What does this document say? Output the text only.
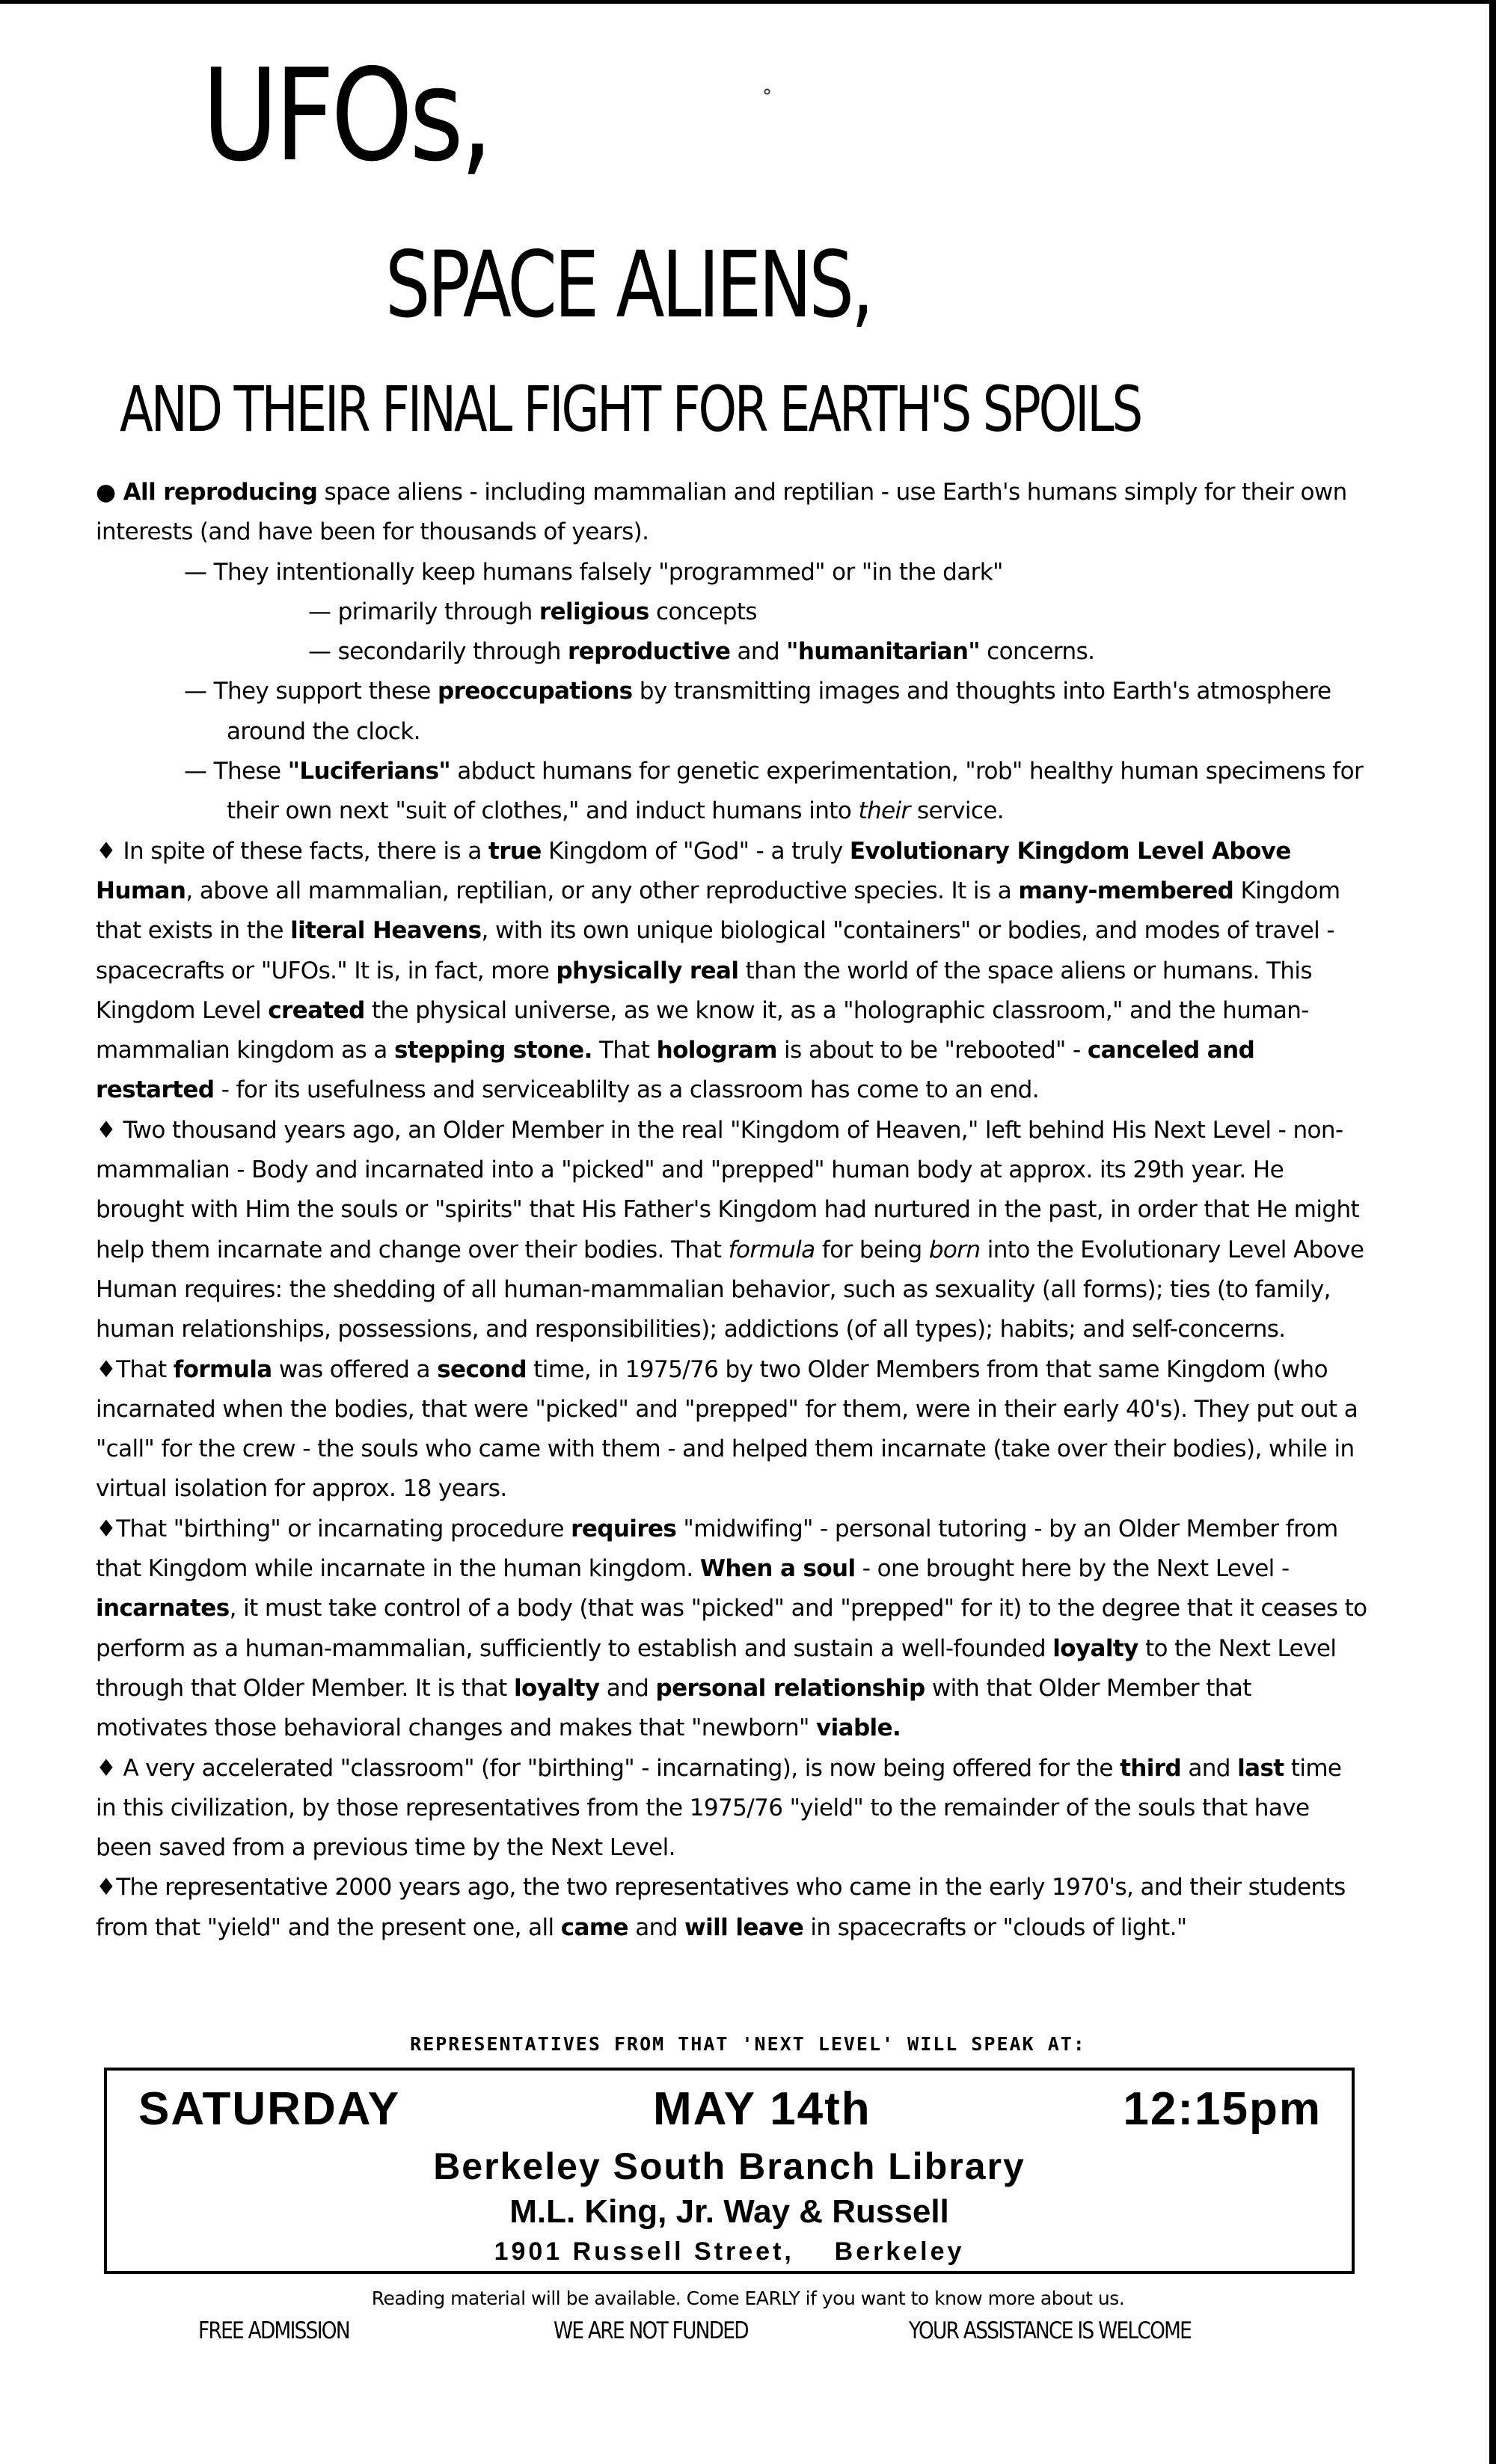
UFOs,	˚
SPACE ALIENS,
AND THEIR FINAL FIGHT FOR EARTH'S SPOILS

● All reproducing space aliens - including mammalian and reptilian - use Earth's humans simply for their own interests (and have been for thousands of years).

— They intentionally keep humans falsely "programmed" or "in the dark"

— primarily through religious concepts

— secondarily through reproductive and "humanitarian" concerns.

— They support these preoccupations by transmitting images and thoughts into Earth's atmosphere around the clock.

— These "Luciferians" abduct humans for genetic experimentation, "rob" healthy human specimens for their own next "suit of clothes," and induct humans into their service.

♦ In spite of these facts, there is a true Kingdom of "God" - a truly Evolutionary Kingdom Level Above Human, above all mammalian, reptilian, or any other reproductive species. It is a many-membered Kingdom that exists in the literal Heavens, with its own unique biological "containers" or bodies, and modes of travel - spacecrafts or "UFOs." It is, in fact, more physically real than the world of the space aliens or humans. This Kingdom Level created the physical universe, as we know it, as a "holographic classroom," and the human-mammalian kingdom as a stepping stone. That hologram is about to be "rebooted" - canceled and restarted - for its usefulness and serviceablilty as a classroom has come to an end.

♦ Two thousand years ago, an Older Member in the real "Kingdom of Heaven," left behind His Next Level - non-mammalian - Body and incarnated into a "picked" and "prepped" human body at approx. its 29th year. He brought with Him the souls or "spirits" that His Father's Kingdom had nurtured in the past, in order that He might help them incarnate and change over their bodies. That formula for being born into the Evolutionary Level Above Human requires: the shedding of all human-mammalian behavior, such as sexuality (all forms); ties (to family, human relationships, possessions, and responsibilities); addictions (of all types); habits; and self-concerns.

♦That formula was offered a second time, in 1975/76 by two Older Members from that same Kingdom (who incarnated when the bodies, that were "picked" and "prepped" for them, were in their early 40's). They put out a "call" for the crew - the souls who came with them - and helped them incarnate (take over their bodies), while in virtual isolation for approx. 18 years.

♦That "birthing" or incarnating procedure requires "midwifing" - personal tutoring - by an Older Member from that Kingdom while incarnate in the human kingdom. When a soul - one brought here by the Next Level - incarnates, it must take control of a body (that was "picked" and "prepped" for it) to the degree that it ceases to perform as a human-mammalian, sufficiently to establish and sustain a well-founded loyalty to the Next Level through that Older Member. It is that loyalty and personal relationship with that Older Member that motivates those behavioral changes and makes that "newborn" viable.

♦ A very accelerated "classroom" (for "birthing" - incarnating), is now being offered for the third and last time in this civilization, by those representatives from the 1975/76 "yield" to the remainder of the souls that have been saved from a previous time by the Next Level.

♦The representative 2000 years ago, the two representatives who came in the early 1970's, and their students from that "yield" and the present one, all came and will leave in spacecrafts or "clouds of light."

REPRESENTATIVES FROM THAT 'NEXT LEVEL' WILL SPEAK AT:
SATURDAY	MAY 14th	12:15pm
Berkeley South Branch Library
M.L. King, Jr. Way & Russell
1901 Russell Street,    Berkeley
Reading material will be available. Come EARLY if you want to know more about us.
FREE ADMISSION	WE ARE NOT FUNDED	YOUR ASSISTANCE IS WELCOME
